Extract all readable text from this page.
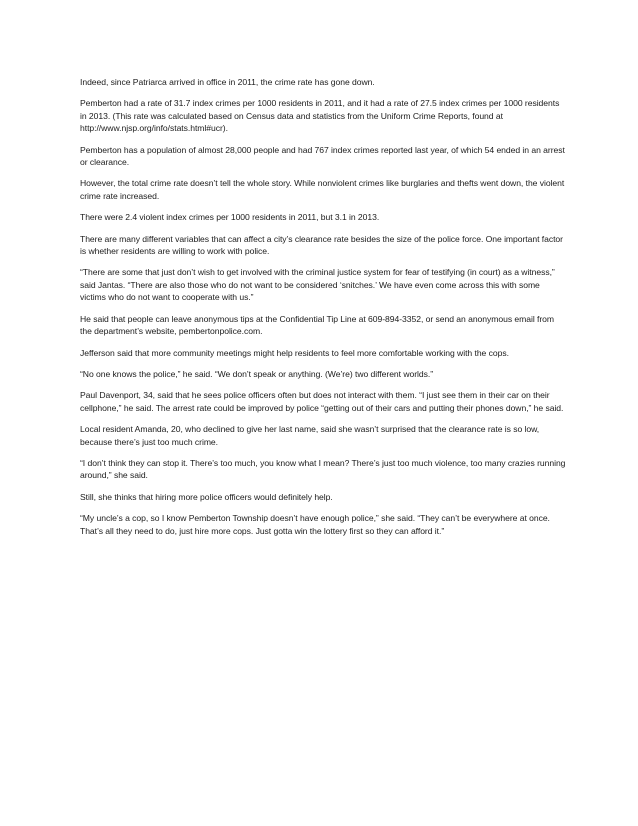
Indeed, since Patriarca arrived in office in 2011, the crime rate has gone down.

Pemberton had a rate of 31.7 index crimes per 1000 residents in 2011, and it had a rate of 27.5 index crimes per 1000 residents in 2013. (This rate was calculated based on Census data and statistics from the Uniform Crime Reports, found at http://www.njsp.org/info/stats.html#ucr).

Pemberton has a population of almost 28,000 people and had 767 index crimes reported last year, of which 54 ended in an arrest or clearance.

However, the total crime rate doesn’t tell the whole story. While nonviolent crimes like burglaries and thefts went down, the violent crime rate increased.

There were 2.4 violent index crimes per 1000 residents in 2011, but 3.1 in 2013.

There are many different variables that can affect a city’s clearance rate besides the size of the police force. One important factor is whether residents are willing to work with police.

“There are some that just don’t wish to get involved with the criminal justice system for fear of testifying (in court) as a witness,” said Jantas. “There are also those who do not want to be considered ‘snitches.’ We have even come across this with some victims who do not want to cooperate with us.”

He said that people can leave anonymous tips at the Confidential Tip Line at 609-894-3352, or send an anonymous email from the department’s website, pembertonpolice.com.

Jefferson said that more community meetings might help residents to feel more comfortable working with the cops.

“No one knows the police,” he said. “We don’t speak or anything. (We’re) two different worlds.”

Paul Davenport, 34, said that he sees police officers often but does not interact with them. “I just see them in their car on their cellphone,” he said. The arrest rate could be improved by police “getting out of their cars and putting their phones down,” he said.

Local resident Amanda, 20, who declined to give her last name, said she wasn’t surprised that the clearance rate is so low, because there’s just too much crime.

“I don’t think they can stop it. There’s too much, you know what I mean? There’s just too much violence, too many crazies running around,” she said.

Still, she thinks that hiring more police officers would definitely help.

“My uncle’s a cop, so I know Pemberton Township doesn’t have enough police,” she said. “They can’t be everywhere at once. That’s all they need to do, just hire more cops. Just gotta win the lottery first so they can afford it.”
